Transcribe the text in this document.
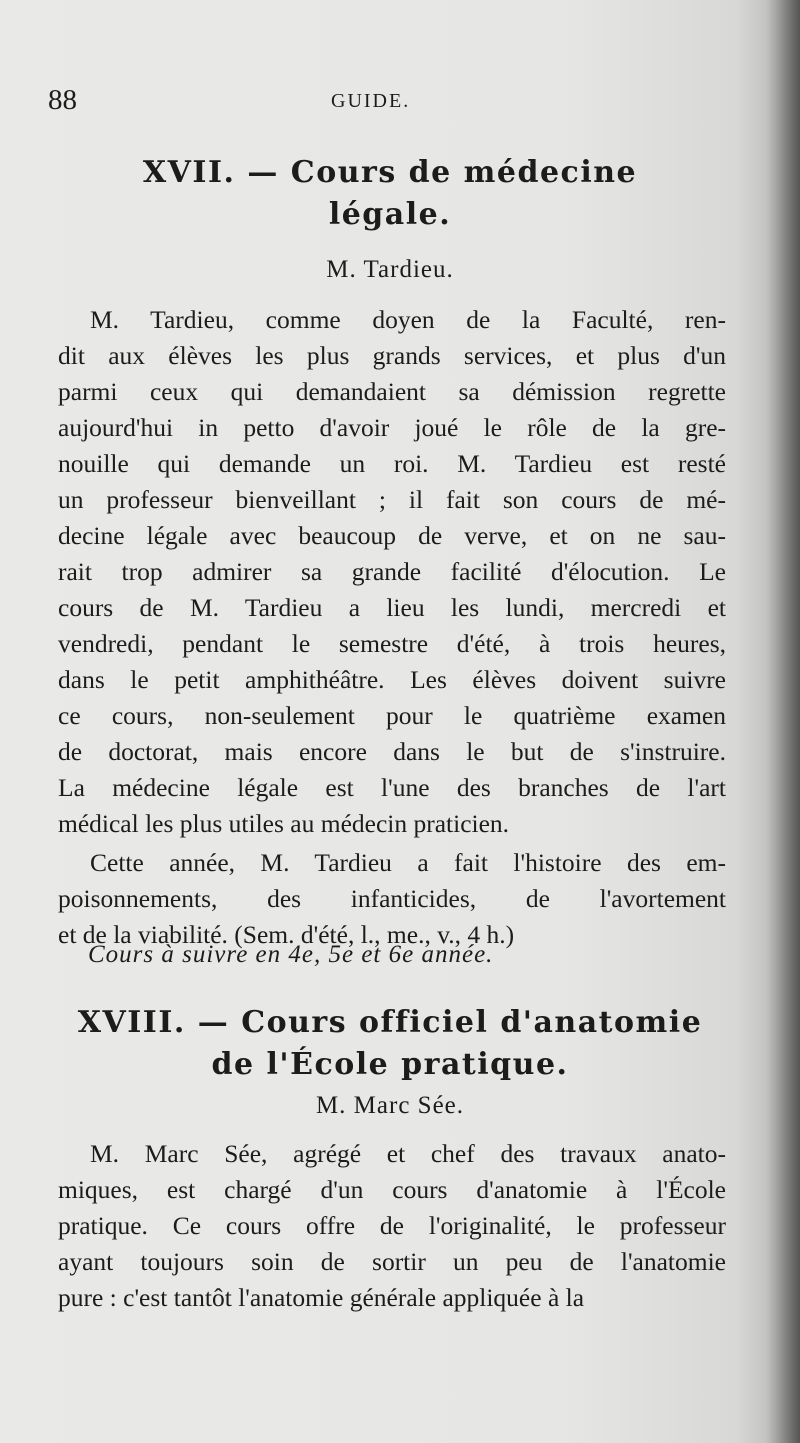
88	GUIDE.
XVII. — Cours de médecine
légale.
M. Tardieu.
M. Tardieu, comme doyen de la Faculté, ren-
dit aux élèves les plus grands services, et plus d'un
parmi ceux qui demandaient sa démission regrette
aujourd'hui in petto d'avoir joué le rôle de la gre-
nouille qui demande un roi. M. Tardieu est resté
un professeur bienveillant ; il fait son cours de mé-
decine légale avec beaucoup de verve, et on ne sau-
rait trop admirer sa grande facilité d'élocution. Le
cours de M. Tardieu a lieu les lundi, mercredi et
vendredi, pendant le semestre d'été, à trois heures,
dans le petit amphithéâtre. Les élèves doivent suivre
ce cours, non-seulement pour le quatrième examen
de doctorat, mais encore dans le but de s'instruire.
La médecine légale est l'une des branches de l'art
médical les plus utiles au médecin praticien.
Cette année, M. Tardieu a fait l'histoire des em-
poisonnements, des infanticides, de l'avortement
et de la viabilité. (Sem. d'été, l., me., v., 4 h.)
Cours à suivre en 4e, 5e et 6e année.
XVIII. — Cours officiel d'anatomie
de l'École pratique.
M. Marc Sée.
M. Marc Sée, agrégé et chef des travaux anato-
miques, est chargé d'un cours d'anatomie à l'École
pratique. Ce cours offre de l'originalité, le professeur
ayant toujours soin de sortir un peu de l'anatomie
pure : c'est tantôt l'anatomie générale appliquée à la
